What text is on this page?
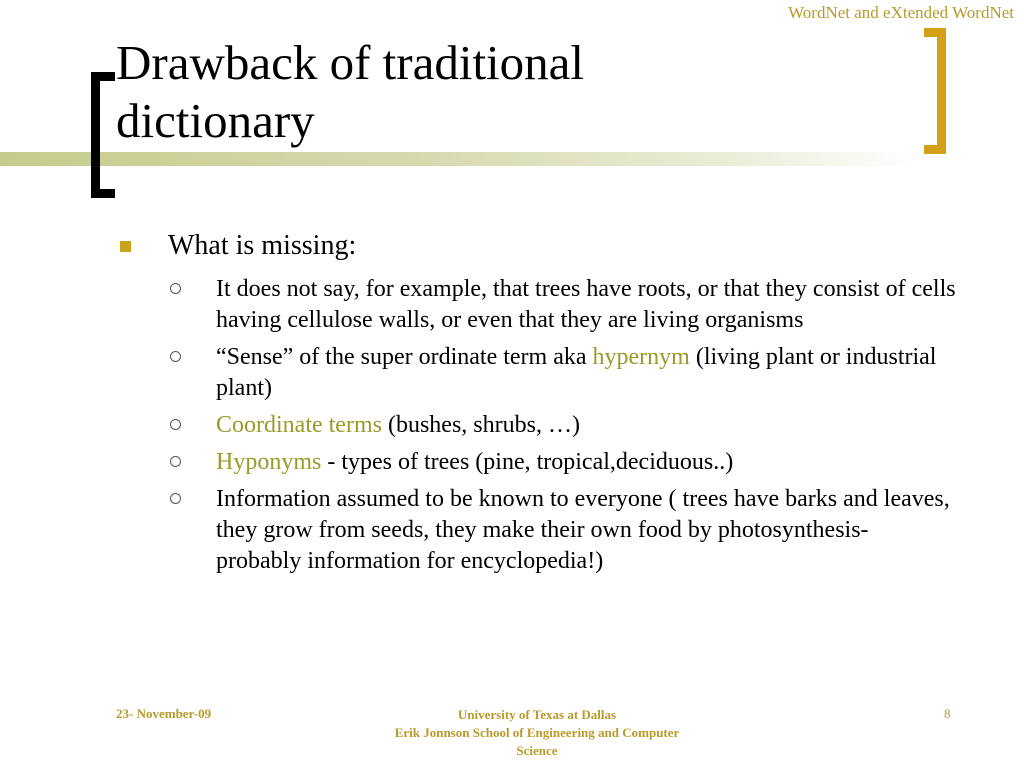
WordNet and eXtended WordNet
Drawback of traditional
dictionary
What is missing:
It does not say, for example, that trees have roots, or that they consist of cells having cellulose walls, or even that they are living organisms
“Sense” of the super ordinate term aka hypernym (living plant or industrial plant)
Coordinate terms (bushes, shrubs, …)
Hyponyms - types of trees (pine, tropical,deciduous..)
Information assumed to be known to everyone ( trees have barks and leaves, they grow from seeds, they make their own food by photosynthesis- probably information for encyclopedia!)
23- November-09	University of Texas at Dallas
Erik Jonnson School of Engineering and Computer
Science
8
